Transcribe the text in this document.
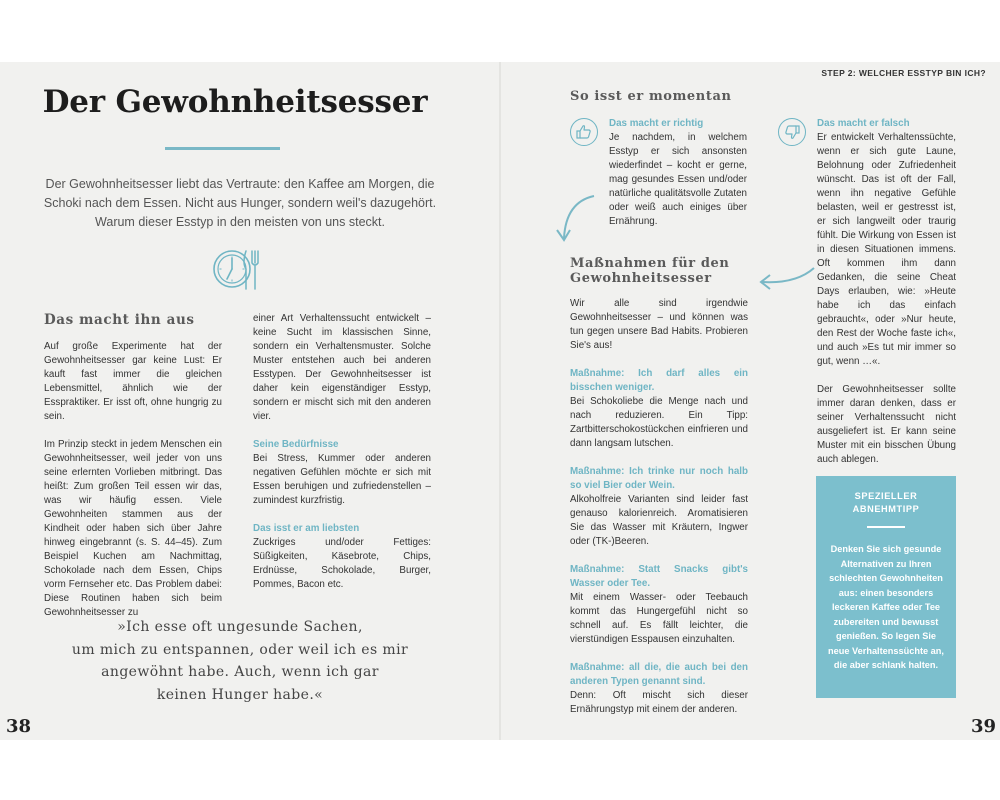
Der Gewohnheitsesser

Der Gewohnheitsesser liebt das Vertraute: den Kaffee am Morgen, die Schoki nach dem Essen. Nicht aus Hunger, sondern weil's dazugehört. Warum dieser Esstyp in den meisten von uns steckt.

Das macht ihn aus

Auf große Experimente hat der Gewohnheitsesser gar keine Lust: Er kauft fast immer die gleichen Lebensmittel, ähnlich wie der Esspraktiker. Er isst oft, ohne hungrig zu sein.

Im Prinzip steckt in jedem Menschen ein Gewohnheitsesser, weil jeder von uns seine erlernten Vorlieben mitbringt. Das heißt: Zum großen Teil essen wir das, was wir häufig essen. Viele Gewohnheiten stammen aus der Kindheit oder haben sich über Jahre hinweg eingebrannt (s. S. 44–45). Zum Beispiel Kuchen am Nachmittag, Schokolade nach dem Essen, Chips vorm Fernseher etc. Das Problem dabei: Diese Routinen haben sich beim Gewohnheitsesser zu

einer Art Verhaltenssucht entwickelt – keine Sucht im klassischen Sinne, sondern ein Verhaltensmuster. Solche Muster entstehen auch bei anderen Esstypen. Der Gewohnheitsesser ist daher kein eigenständiger Esstyp, sondern er mischt sich mit den anderen vier.

Seine Bedürfnisse

Bei Stress, Kummer oder anderen negativen Gefühlen möchte er sich mit Essen beruhigen und zufriedenstellen – zumindest kurzfristig.

Das isst er am liebsten

Zuckriges und/oder Fettiges: Süßigkeiten, Käsebrote, Chips, Erdnüsse, Schokolade, Burger, Pommes, Bacon etc.

»Ich esse oft ungesunde Sachen,
um mich zu entspannen, oder weil ich es mir
angewöhnt habe. Auch, wenn ich gar
keinen Hunger habe.«
38
STEP 2: WELCHER ESSTYP BIN ICH?
So isst er momentan
Das macht er richtig

Je nachdem, in welchem Esstyp er sich ansonsten wiederfindet – kocht er gerne, mag gesundes Essen und/oder natürliche qualitätsvolle Zutaten oder weiß auch einiges über Ernährung.

Das macht er falsch

Er entwickelt Verhaltenssüchte, wenn er sich gute Laune, Belohnung oder Zufriedenheit wünscht. Das ist oft der Fall, wenn ihn negative Gefühle belasten, weil er gestresst ist, er sich langweilt oder traurig fühlt. Die Wirkung von Essen ist in diesen Situationen immens. Oft kommen ihm dann Gedanken, die seine Cheat Days erlauben, wie: »Heute habe ich das einfach gebraucht«, oder »Nur heute, den Rest der Woche faste ich«, und auch »Es tut mir immer so gut, wenn …«.

Der Gewohnheitsesser sollte immer daran denken, dass er seiner Verhaltenssucht nicht ausgeliefert ist. Er kann seine Muster mit ein bisschen Übung auch ablegen.

Maßnahmen für den
Gewohnheitsesser

Wir alle sind irgendwie Gewohnheitsesser – und können was tun gegen unsere Bad Habits. Probieren Sie's aus!

Maßnahme: Ich darf alles ein bisschen weniger.

Bei Schokoliebe die Menge nach und nach reduzieren. Ein Tipp: Zartbitterschokostückchen einfrieren und dann langsam lutschen.

Maßnahme: Ich trinke nur noch halb so viel Bier oder Wein.

Alkoholfreie Varianten sind leider fast genauso kalorienreich. Aromatisieren Sie das Wasser mit Kräutern, Ingwer oder (TK-)Beeren.

Maßnahme: Statt Snacks gibt's Wasser oder Tee.

Mit einem Wasser- oder Teebauch kommt das Hungergefühl nicht so schnell auf. Es fällt leichter, die vierstündigen Esspausen einzuhalten.

Maßnahme: all die, die auch bei den anderen Typen genannt sind.

Denn: Oft mischt sich dieser Ernährungstyp mit einem der anderen.

SPEZIELLER
ABNEHMTIPP
Denken Sie sich gesunde Alternativen zu Ihren schlechten Gewohnheiten aus: einen besonders leckeren Kaffee oder Tee zubereiten und bewusst genießen. So legen Sie neue Verhaltenssüchte an, die aber schlank halten.
39
